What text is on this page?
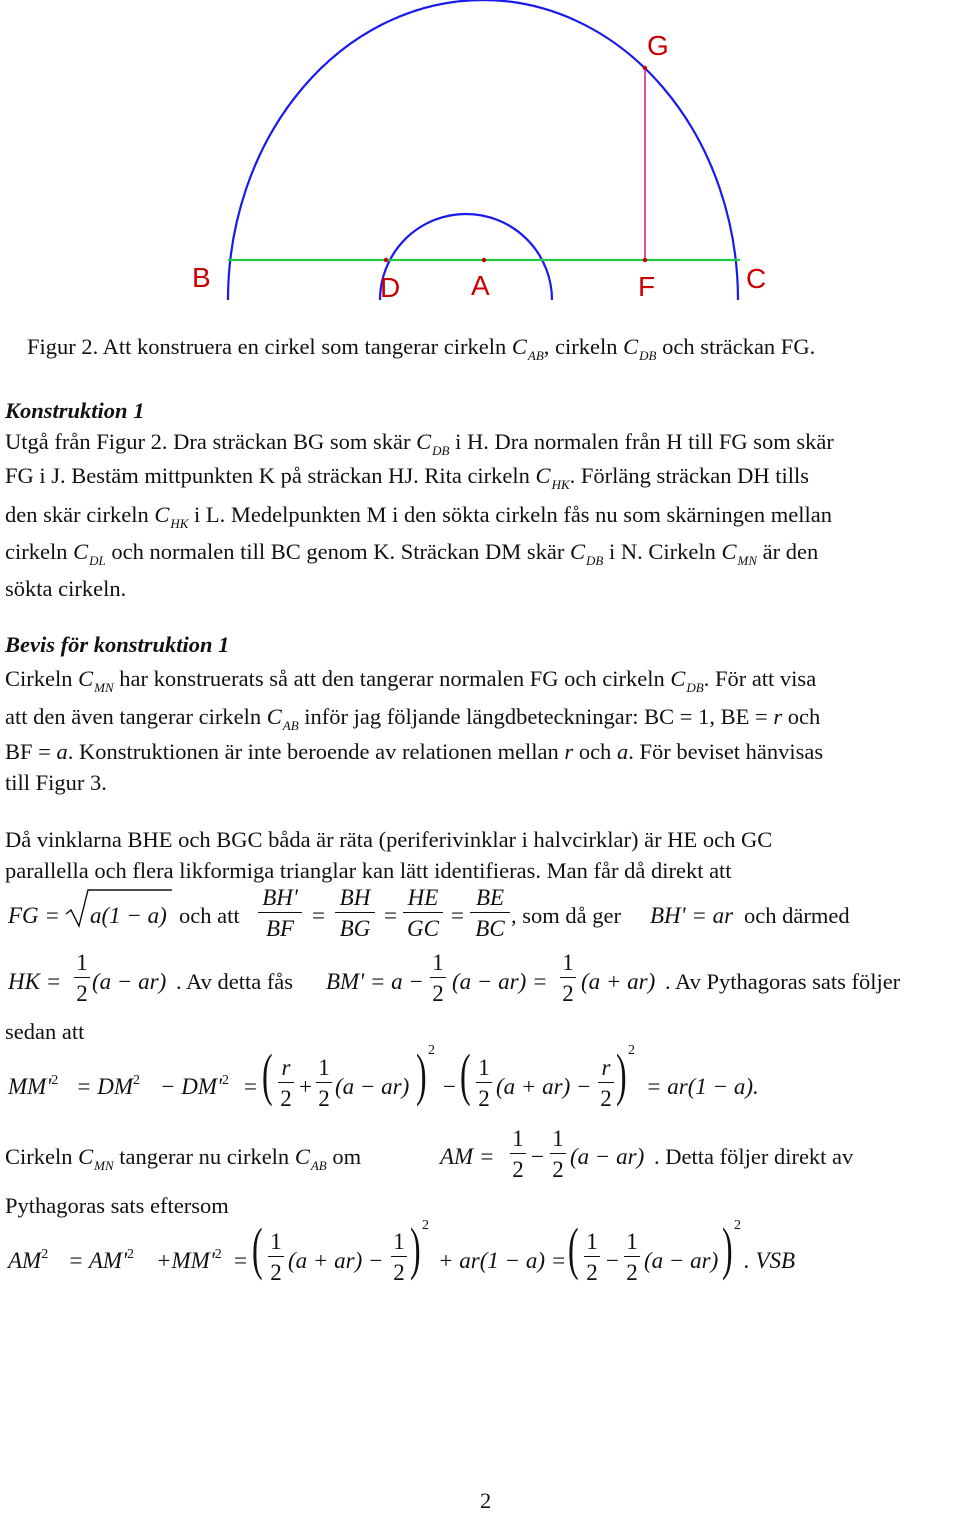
G
B	D	A	F	C
Figur 2. Att konstruera en cirkel som tangerar cirkeln $C_{AB}$, cirkeln $C_{DB}$ och sträckan FG.
Konstruktion 1
Utgå från Figur 2. Dra sträckan BG som skär $C_{DB}$ i H. Dra normalen från H till FG som skär
FG i J. Bestäm mittpunkten K på sträckan HJ. Rita cirkeln $C_{HK}$. Förläng sträckan DH tills
den skär cirkeln $C_{HK}$ i L. Medelpunkten M i den sökta cirkeln fås nu som skärningen mellan
cirkeln $C_{DL}$ och normalen till BC genom K. Sträckan DM skär $C_{DB}$ i N. Cirkeln $C_{MN}$ är den
sökta cirkeln.
Bevis för konstruktion 1
Cirkeln $C_{MN}$ har konstruerats så att den tangerar normalen FG och cirkeln $C_{DB}$. För att visa
att den även tangerar cirkeln $C_{AB}$ inför jag följande längdbeteckningar: BC = 1, BE = r och
BF = a. Konstruktionen är inte beroende av relationen mellan r och a. För beviset hänvisas
till Figur 3.
Då vinklarna BHE och BGC båda är räta (periferivinklar i halvcirklar) är HE och GC
parallella och flera likformiga trianglar kan lätt identifieras. Man får då direkt att
FG = a(1 − a) och att
BH'
BF
=
BH
BG
=
HE
GC
=
BE
BC
, som då ger BH' = ar och därmed
HK =
1
2 (a − ar) . Av detta fås BM' = a −
1
2 (a − ar) =
1
2 (a + ar) . Av Pythagoras sats följer
sedan att
$MM'^2 = DM^2 - DM'^2$ = ( r
2 +
1
2 (a − ar) ) 2
− ( 1
2 (a + ar) −
r
2 ) 2
= ar(1 − a).
Cirkeln $C_{MN}$ tangerar nu cirkeln $C_{AB}$ om	AM =
1
2
−
1
2
(a − ar) . Detta följer direkt av
Pythagoras sats eftersom
$AM^2 = AM'^2 +MM'^2$ = ( 1
2 (a + ar) −
1
2 ) 2
+ ar(1 − a) = ( 1
2 −
1
2 (a − ar) ) 2
. VSB
2
